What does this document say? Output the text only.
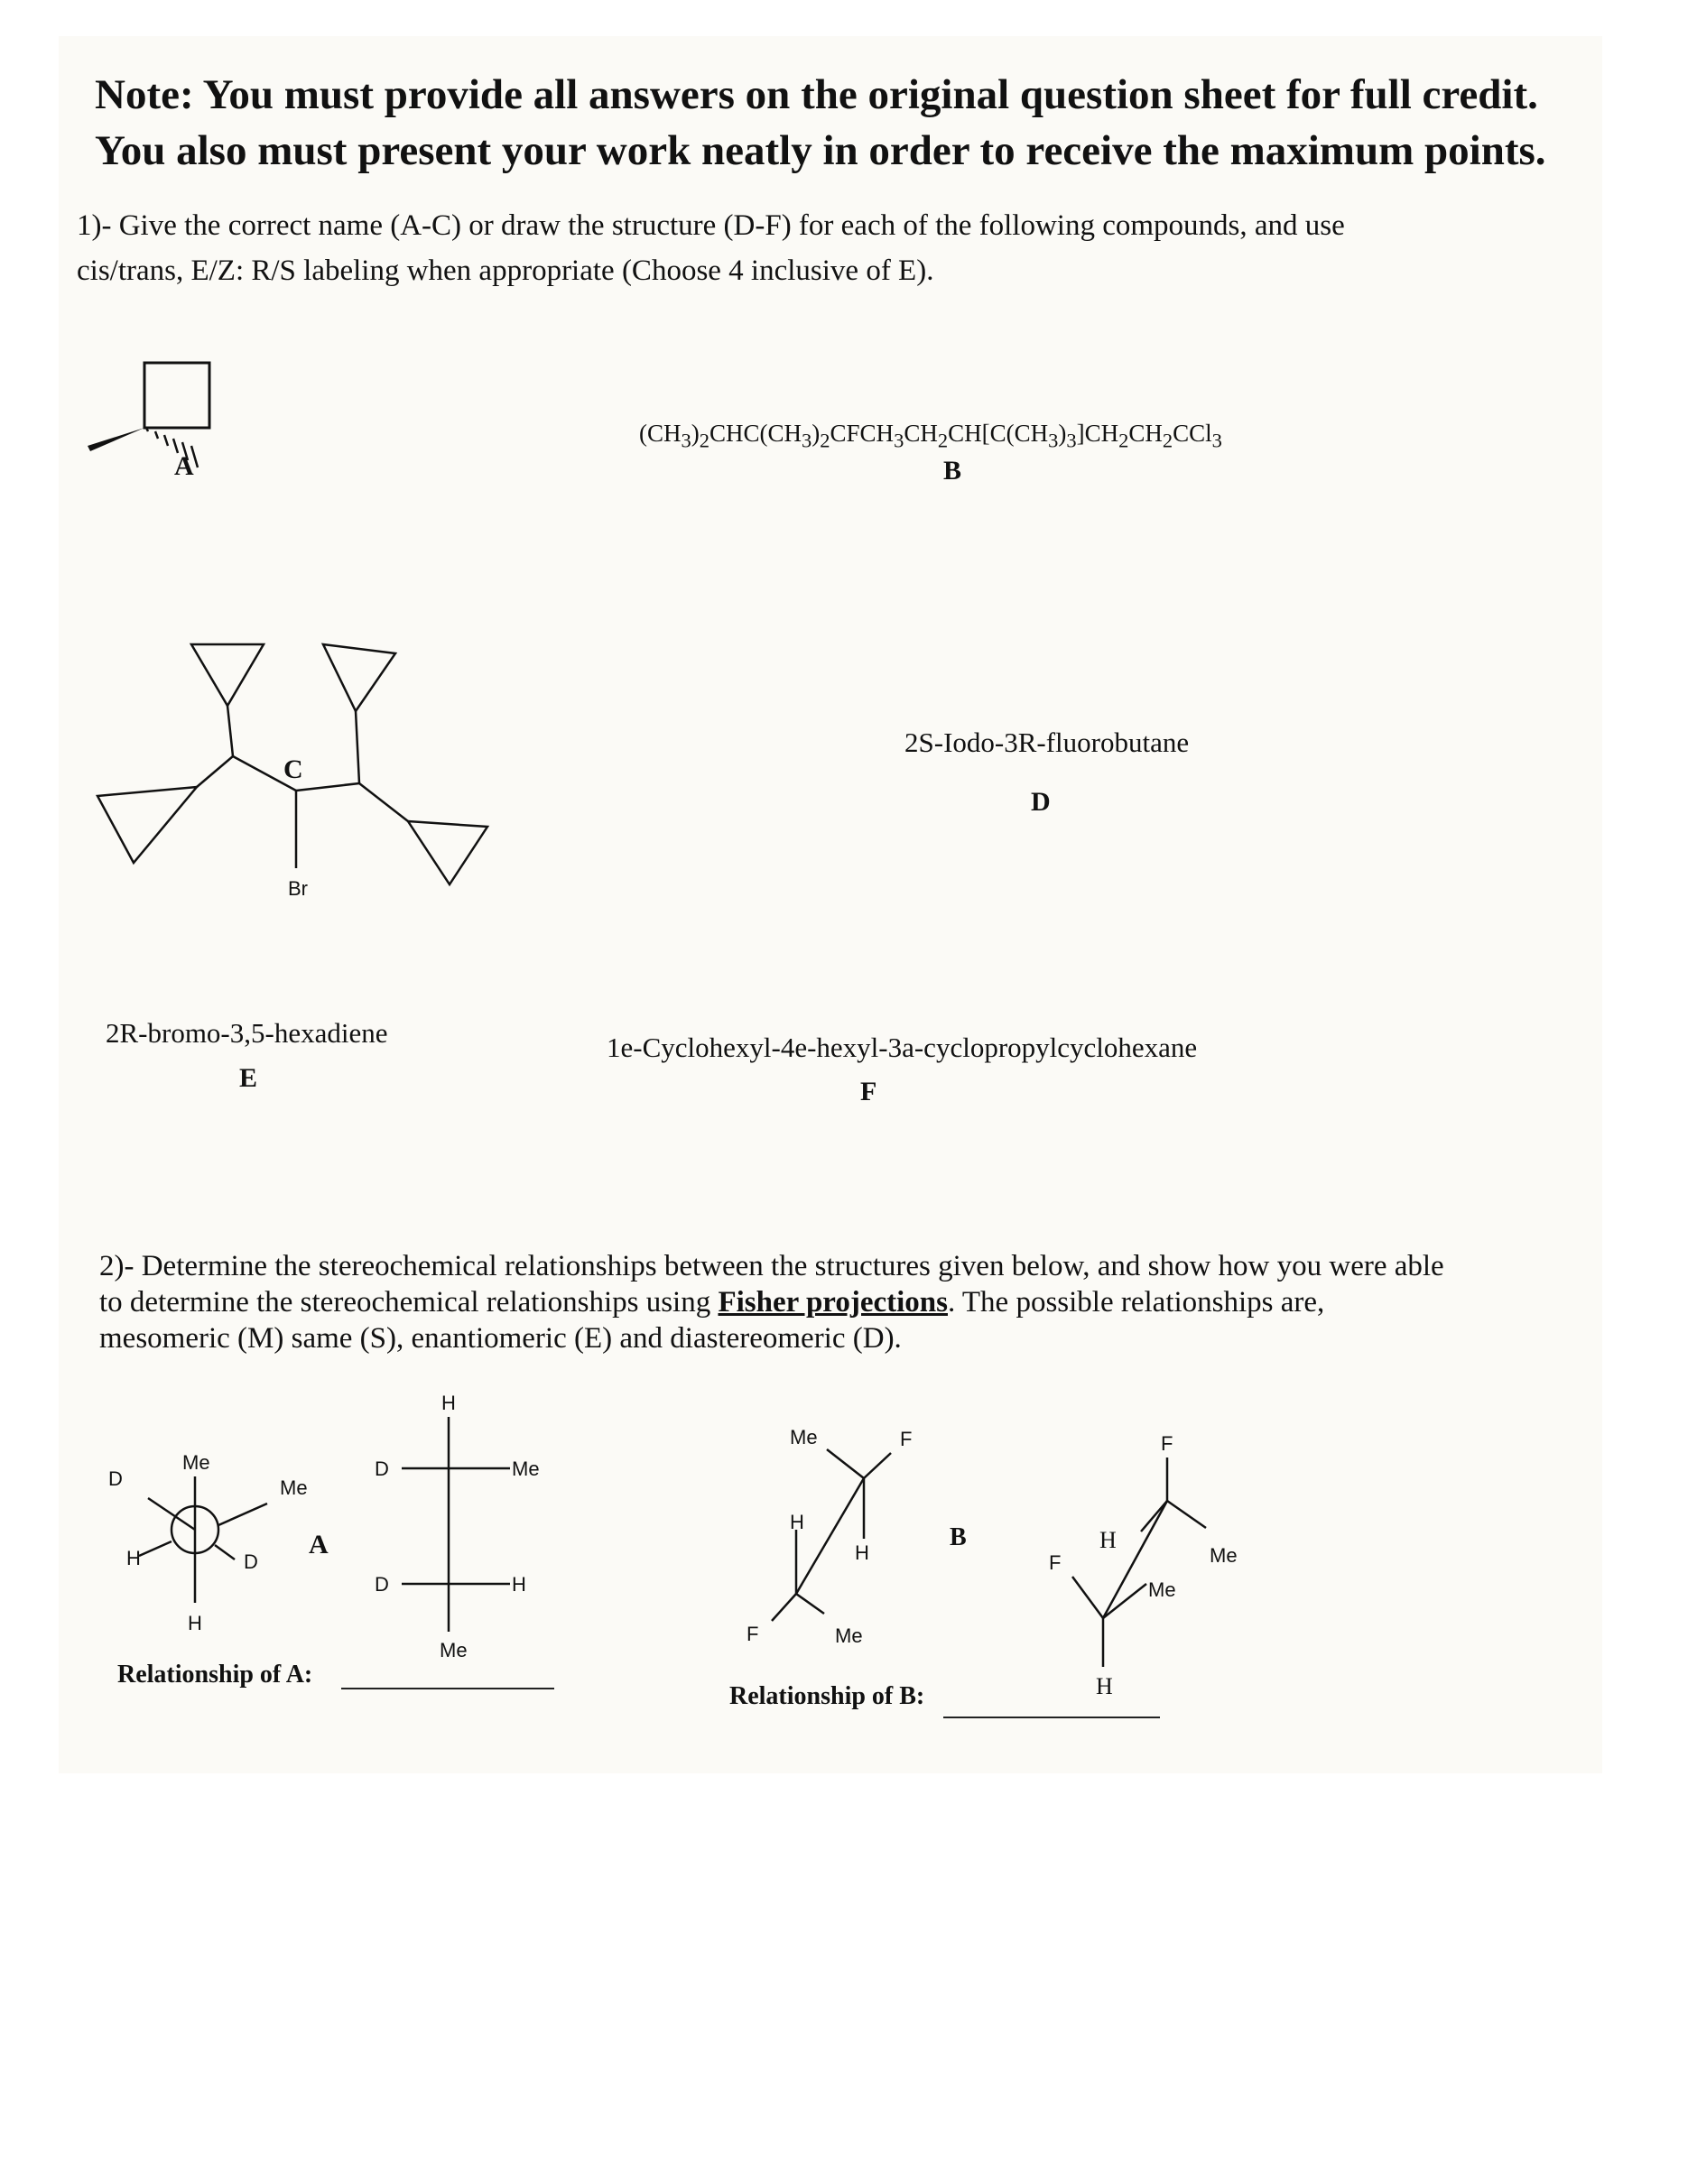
Note: You must provide all answers on the original question sheet for full credit.
You also must present your work neatly in order to receive the maximum points.
1)- Give the correct name (A-C) or draw the structure (D-F) for each of the following compounds, and use
cis/trans, E/Z: R/S labeling when appropriate (Choose 4 inclusive of E).
A
$(CH_3)_2CHC(CH_3)_2CFCH_3CH_2CH[C(CH_3)_3]CH_2CH_2CCl_3$
B
Br
C
2S-Iodo-3R-fluorobutane
D
2R-bromo-3,5-hexadiene
E
1e-Cyclohexyl-4e-hexyl-3a-cyclopropylcyclohexane
F
2)- Determine the stereochemical relationships between the structures given below, and show how you were able
to determine the stereochemical relationships using Fisher projections. The possible relationships are,
mesomeric (M) same (S), enantiomeric (E) and diastereomeric (D).
Me
D
H
Me
H	D
A
H
D	Me
D	H
Me
Relationship of A:
Me	F
H
H
F	Me
B
F
H
Me
F
Me
H
Relationship of B:
